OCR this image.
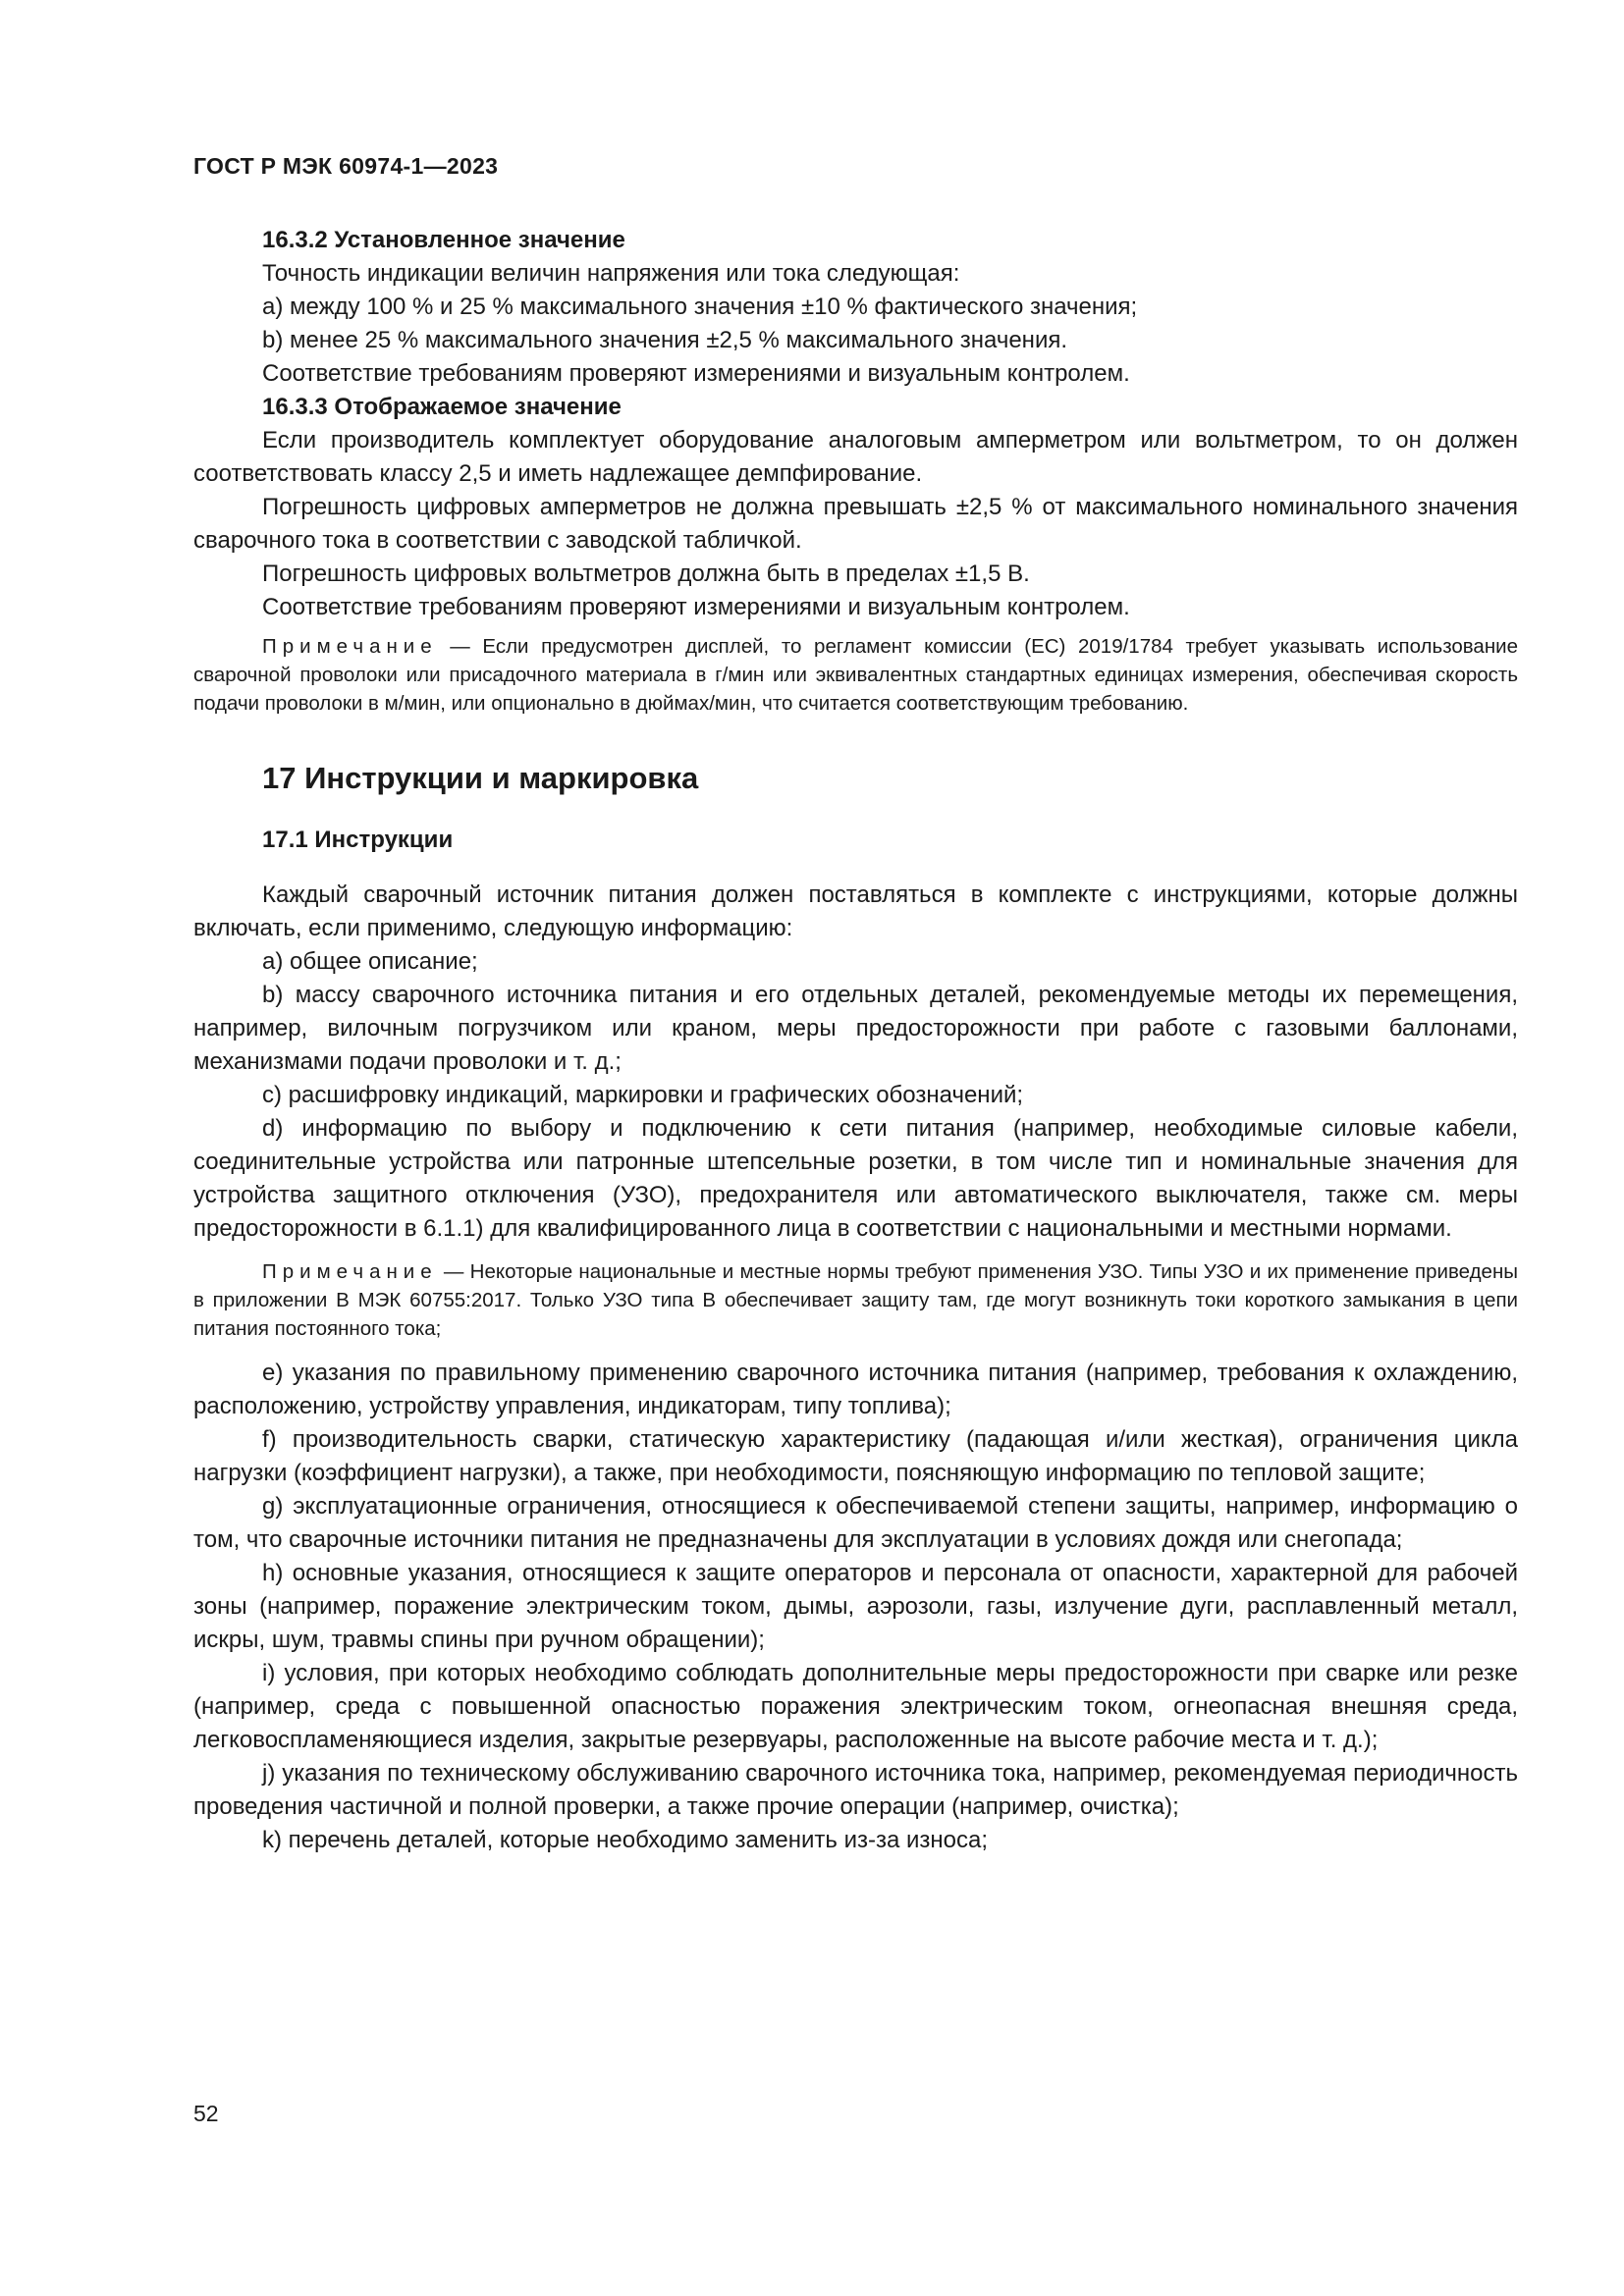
ГОСТ Р МЭК 60974-1—2023

16.3.2 Установленное значение

Точность индикации величин напряжения или тока следующая:

a) между 100 % и 25 % максимального значения ±10 % фактического значения;

b) менее 25 % максимального значения ±2,5 % максимального значения.

Соответствие требованиям проверяют измерениями и визуальным контролем.

16.3.3 Отображаемое значение

Если производитель комплектует оборудование аналоговым амперметром или вольтметром, то он должен соответствовать классу 2,5 и иметь надлежащее демпфирование.

Погрешность цифровых амперметров не должна превышать ±2,5 % от максимального номинального значения сварочного тока в соответствии с заводской табличкой.

Погрешность цифровых вольтметров должна быть в пределах ±1,5 В.

Соответствие требованиям проверяют измерениями и визуальным контролем.

Примечание — Если предусмотрен дисплей, то регламент комиссии (ЕС) 2019/1784 требует указывать использование сварочной проволоки или присадочного материала в г/мин или эквивалентных стандартных единицах измерения, обеспечивая скорость подачи проволоки в м/мин, или опционально в дюймах/мин, что считается соответствующим требованию.

17 Инструкции и маркировка
17.1 Инструкции

Каждый сварочный источник питания должен поставляться в комплекте с инструкциями, которые должны включать, если применимо, следующую информацию:

a) общее описание;

b) массу сварочного источника питания и его отдельных деталей, рекомендуемые методы их перемещения, например, вилочным погрузчиком или краном, меры предосторожности при работе с газовыми баллонами, механизмами подачи проволоки и т. д.;

c) расшифровку индикаций, маркировки и графических обозначений;

d) информацию по выбору и подключению к сети питания (например, необходимые силовые кабели, соединительные устройства или патронные штепсельные розетки, в том числе тип и номинальные значения для устройства защитного отключения (УЗО), предохранителя или автоматического выключателя, также см. меры предосторожности в 6.1.1) для квалифицированного лица в соответствии с национальными и местными нормами.

Примечание — Некоторые национальные и местные нормы требуют применения УЗО. Типы УЗО и их применение приведены в приложении В МЭК 60755:2017. Только УЗО типа В обеспечивает защиту там, где могут возникнуть токи короткого замыкания в цепи питания постоянного тока;

e) указания по правильному применению сварочного источника питания (например, требования к охлаждению, расположению, устройству управления, индикаторам, типу топлива);

f) производительность сварки, статическую характеристику (падающая и/или жесткая), ограничения цикла нагрузки (коэффициент нагрузки), а также, при необходимости, поясняющую информацию по тепловой защите;

g) эксплуатационные ограничения, относящиеся к обеспечиваемой степени защиты, например, информацию о том, что сварочные источники питания не предназначены для эксплуатации в условиях дождя или снегопада;

h) основные указания, относящиеся к защите операторов и персонала от опасности, характерной для рабочей зоны (например, поражение электрическим током, дымы, аэрозоли, газы, излучение дуги, расплавленный металл, искры, шум, травмы спины при ручном обращении);

i) условия, при которых необходимо соблюдать дополнительные меры предосторожности при сварке или резке (например, среда с повышенной опасностью поражения электрическим током, огнеопасная внешняя среда, легковоспламеняющиеся изделия, закрытые резервуары, расположенные на высоте рабочие места и т. д.);

j) указания по техническому обслуживанию сварочного источника тока, например, рекомендуемая периодичность проведения частичной и полной проверки, а также прочие операции (например, очистка);

k) перечень деталей, которые необходимо заменить из-за износа;

52
